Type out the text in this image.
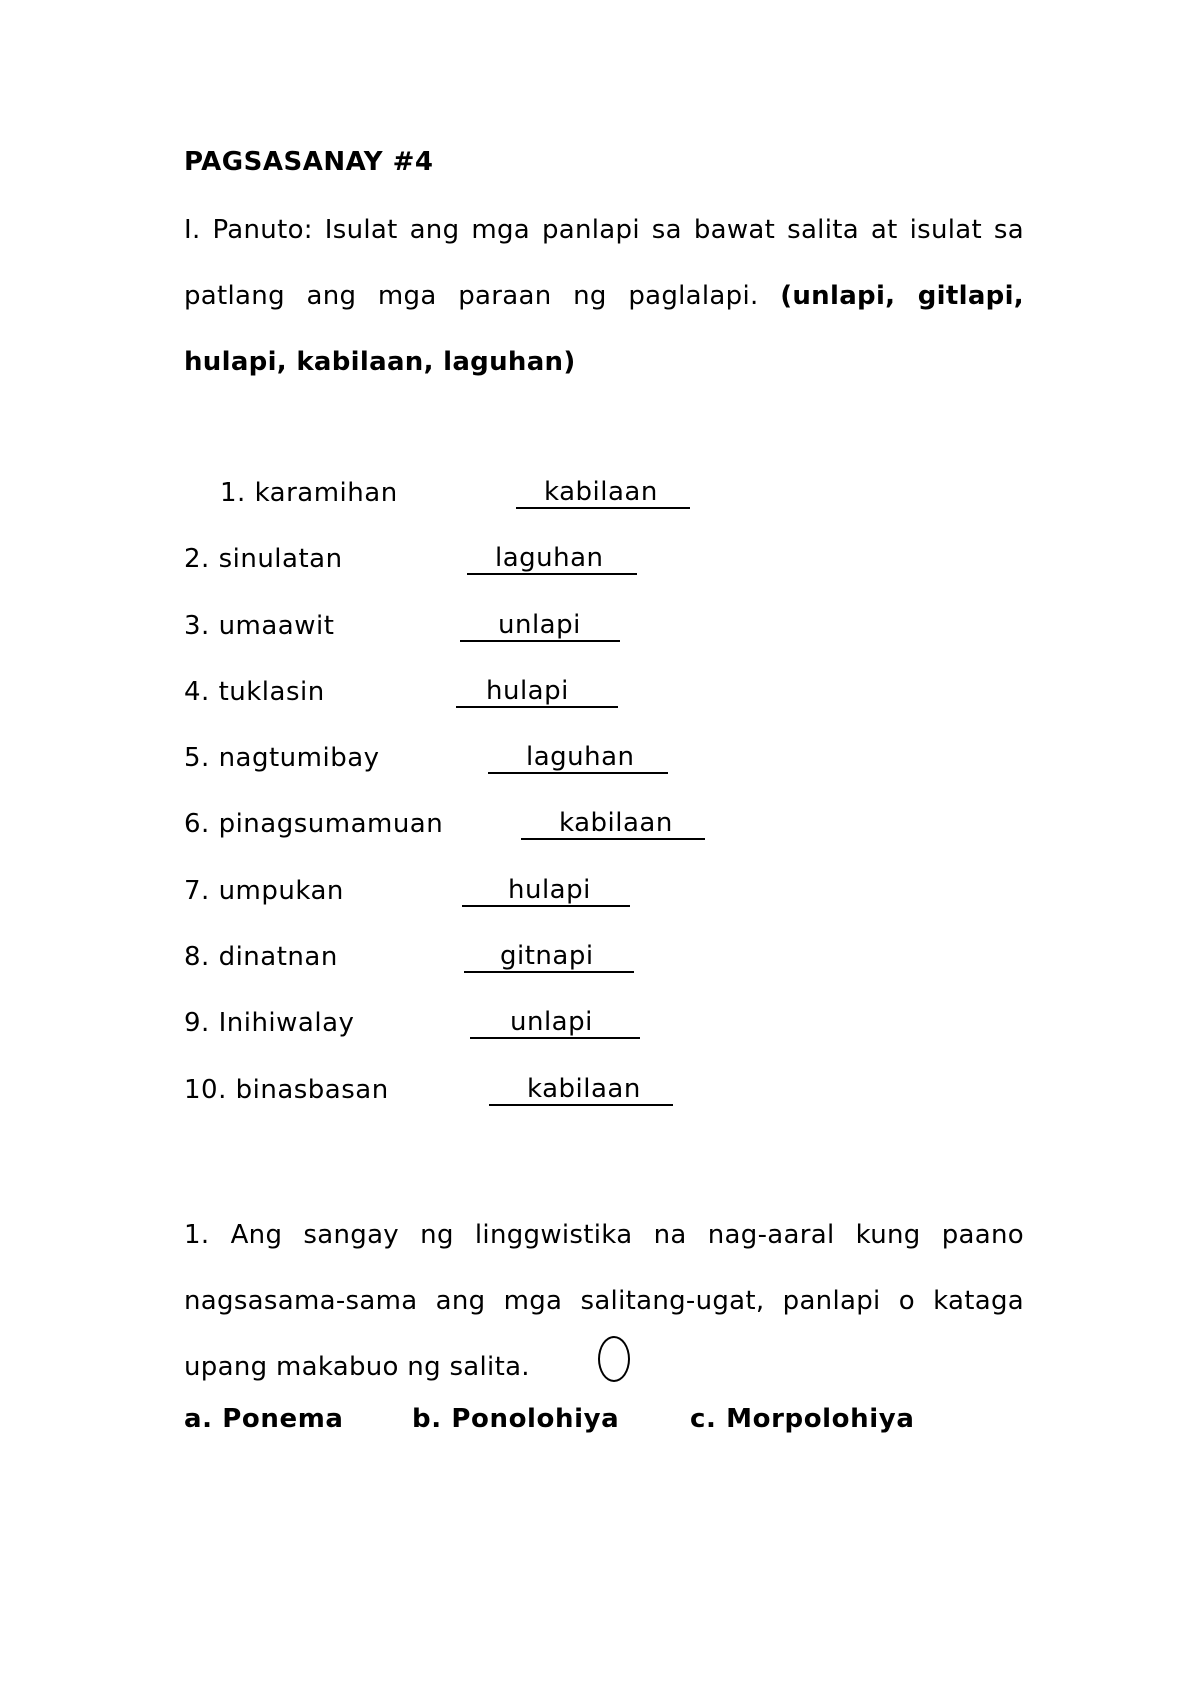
PAGSASANAY #4
I. Panuto: Isulat ang mga panlapi sa bawat salita at isulat sa patlang ang mga paraan ng paglalapi. (unlapi, gitlapi, hulapi, kabilaan, laguhan)
1. karamihan	kabilaan
2. sinulatan	laguhan
3. umaawit	unlapi
4. tuklasin	hulapi
5. nagtumibay	laguhan
6. pinagsumamuan	kabilaan
7. umpukan	hulapi
8. dinatnan	gitnapi
9. Inihiwalay	unlapi
10. binasbasan	kabilaan
1. Ang sangay ng linggwistika na nag-aaral kung paano nagsasama-sama ang mga salitang-ugat, panlapi o kataga upang makabuo ng salita.
a. Ponema	b. Ponolohiya	c. Morpolohiya
